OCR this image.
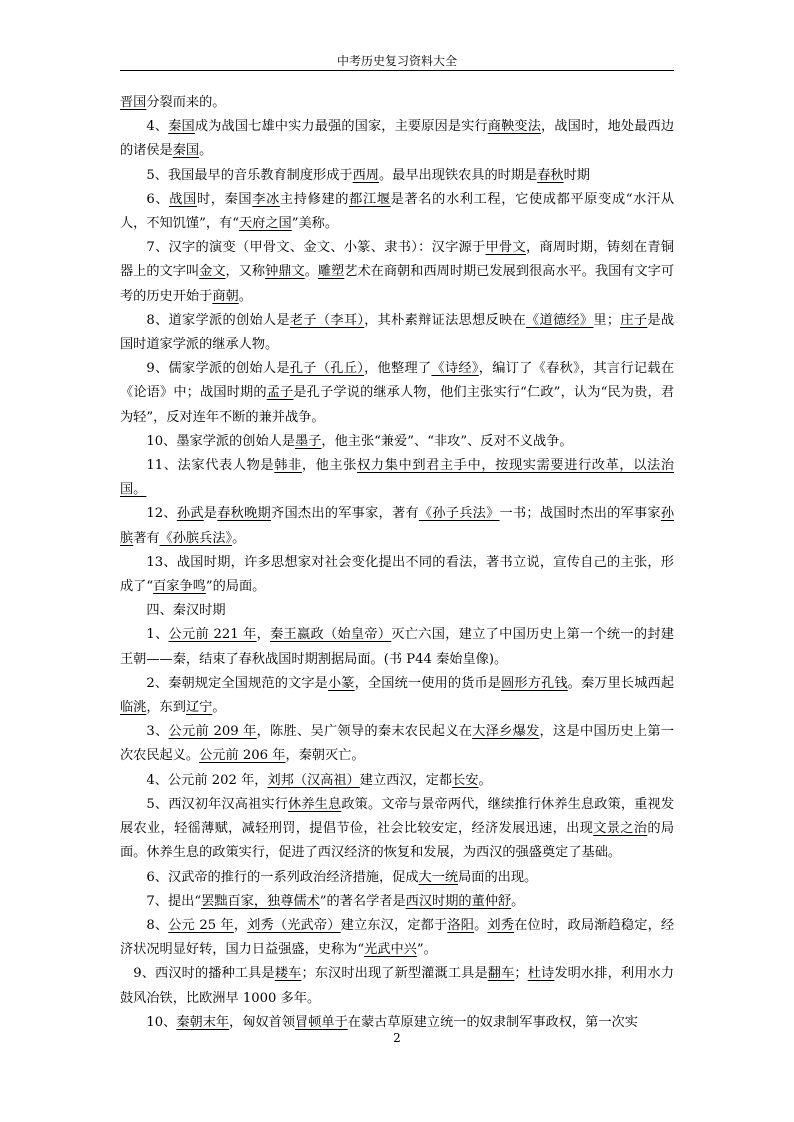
中考历史复习资料大全

晋国分裂而来的。

4、秦国成为战国七雄中实力最强的国家，主要原因是实行商鞅变法，战国时，地处最西边的诸侯是秦国。

5、我国最早的音乐教育制度形成于西周。最早出现铁农具的时期是春秋时期

6、战国时，秦国李冰主持修建的都江堰是著名的水利工程，它使成都平原变成“水汗从人，不知饥馑”，有“天府之国”美称。

7、汉字的演变（甲骨文、金文、小篆、隶书）：汉字源于甲骨文，商周时期，铸刻在青铜器上的文字叫金文，又称钟鼎文。雕塑艺术在商朝和西周时期已发展到很高水平。我国有文字可考的历史开始于商朝。

8、道家学派的创始人是老子（李耳），其朴素辩证法思想反映在《道德经》里；庄子是战国时道家学派的继承人物。

9、儒家学派的创始人是孔子（孔丘），他整理了《诗经》，编订了《春秋》，其言行记载在《论语》中；战国时期的孟子是孔子学说的继承人物，他们主张实行“仁政”，认为“民为贵，君为轻”，反对连年不断的兼并战争。

10、墨家学派的创始人是墨子，他主张“兼爱”、“非攻”、反对不义战争。

11、法家代表人物是韩非，他主张权力集中到君主手中，按现实需要进行改革，以法治国。

12、孙武是春秋晚期齐国杰出的军事家，著有《孙子兵法》一书；战国时杰出的军事家孙膑著有《孙膑兵法》。

13、战国时期，许多思想家对社会变化提出不同的看法，著书立说，宣传自己的主张，形成了“百家争鸣”的局面。

四、秦汉时期

1、公元前 221 年，秦王嬴政（始皇帝）灭亡六国，建立了中国历史上第一个统一的封建王朝——秦，结束了春秋战国时期割据局面。(书 P44 秦始皇像)。

2、秦朝规定全国规范的文字是小篆，全国统一使用的货币是圆形方孔钱。秦万里长城西起临洮，东到辽宁。

3、公元前 209 年，陈胜、吴广领导的秦末农民起义在大泽乡爆发，这是中国历史上第一次农民起义。公元前 206 年，秦朝灭亡。

4、公元前 202 年，刘邦（汉高祖）建立西汉，定都长安。

5、西汉初年汉高祖实行休养生息政策。文帝与景帝两代，继续推行休养生息政策，重视发展农业，轻徭薄赋，减轻刑罚，提倡节俭，社会比较安定，经济发展迅速，出现文景之治的局面。休养生息的政策实行，促进了西汉经济的恢复和发展，为西汉的强盛奠定了基础。

6、汉武帝的推行的一系列政治经济措施，促成大一统局面的出现。

7、提出“罢黜百家，独尊儒术”的著名学者是西汉时期的董仲舒。

8、公元 25 年，刘秀（光武帝）建立东汉，定都于洛阳。刘秀在位时，政局渐趋稳定，经济状况明显好转，国力日益强盛，史称为“光武中兴”。

9、西汉时的播种工具是耧车；东汉时出现了新型灌溉工具是翻车；杜诗发明水排，利用水力鼓风冶铁，比欧洲早 1000 多年。

10、秦朝末年，匈奴首领冒顿单于在蒙古草原建立统一的奴隶制军事政权，第一次实

2
